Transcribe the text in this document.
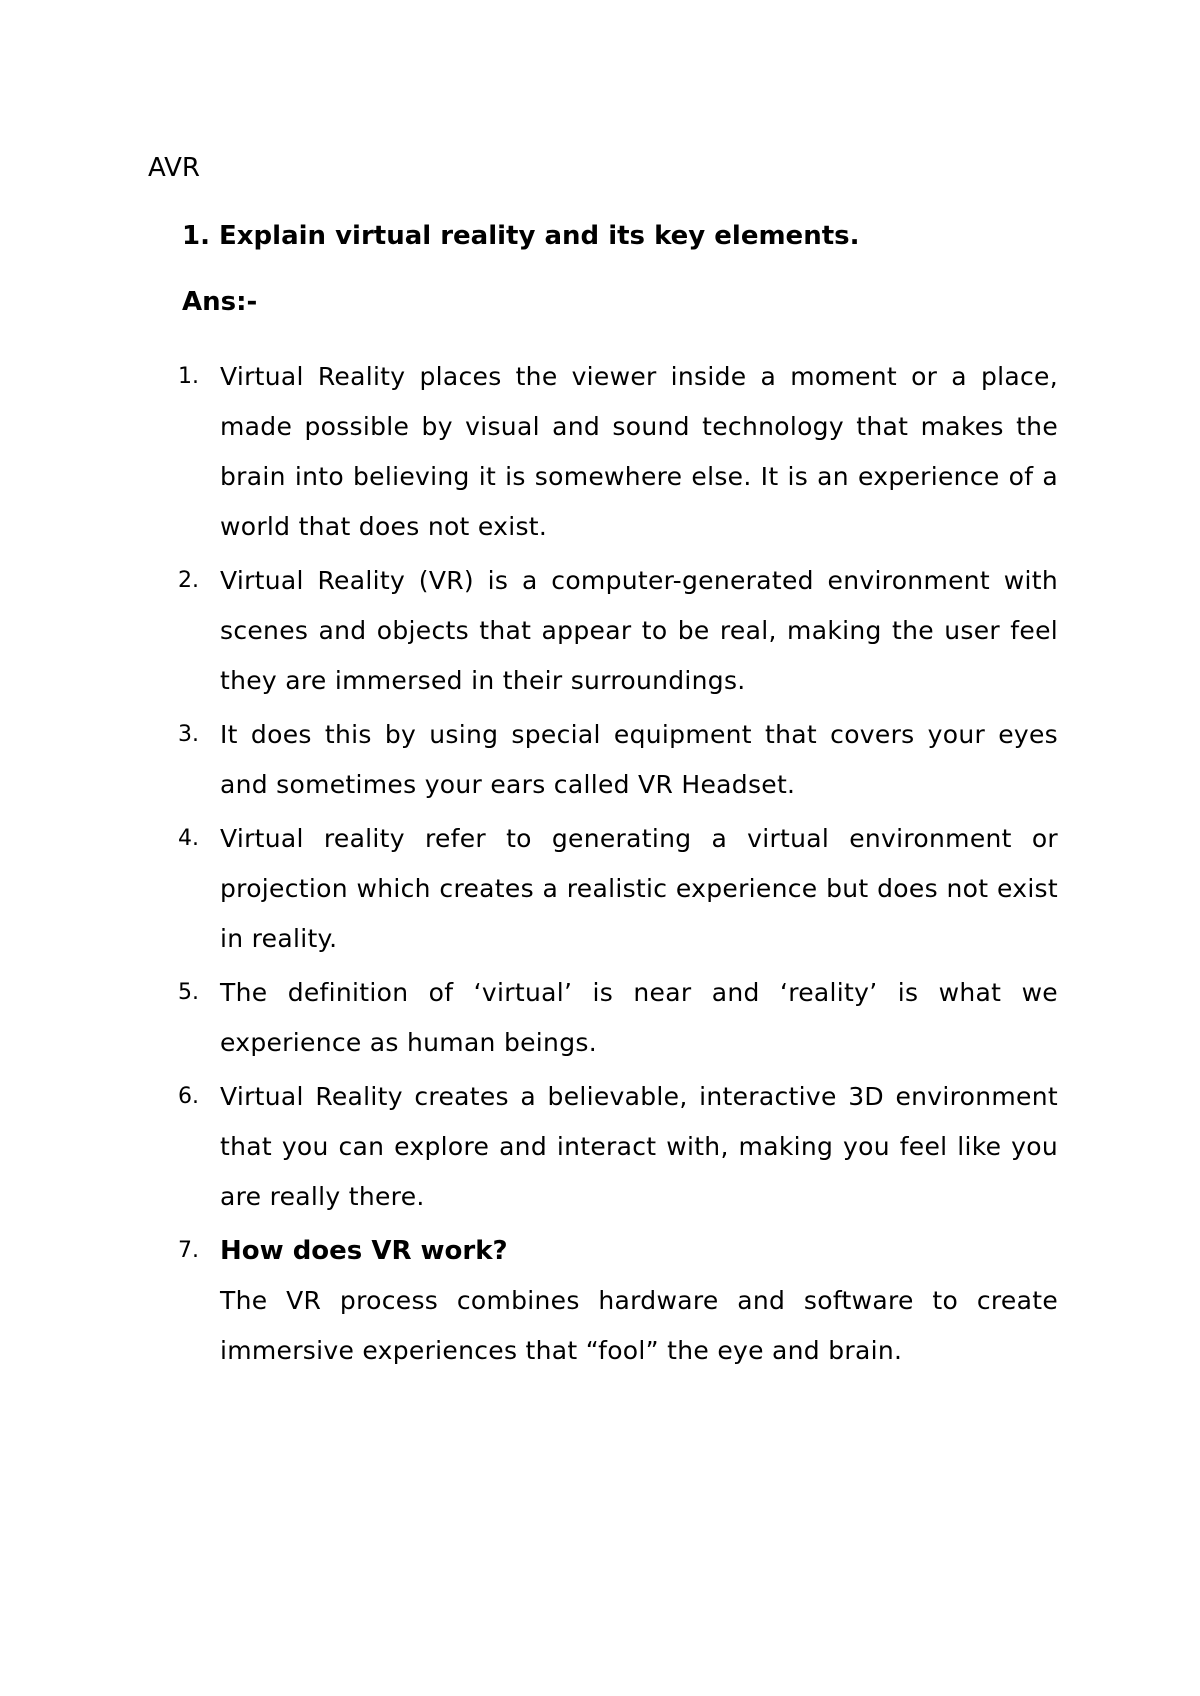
AVR
1. Explain virtual reality and its key elements.
Ans:-
1. Virtual Reality places the viewer inside a moment or a place, made possible by visual and sound technology that makes the brain into believing it is somewhere else. It is an experience of a world that does not exist.
2. Virtual Reality (VR) is a computer-generated environment with scenes and objects that appear to be real, making the user feel they are immersed in their surroundings.
3. It does this by using special equipment that covers your eyes and sometimes your ears called VR Headset.
4. Virtual reality refer to generating a virtual environment or projection which creates a realistic experience but does not exist in reality.
5. The definition of ‘virtual’ is near and ‘reality’ is what we experience as human beings.
6. Virtual Reality creates a believable, interactive 3D environment that you can explore and interact with, making you feel like you are really there.
7. How does VR work?
The VR process combines hardware and software to create immersive experiences that “fool” the eye and brain.
